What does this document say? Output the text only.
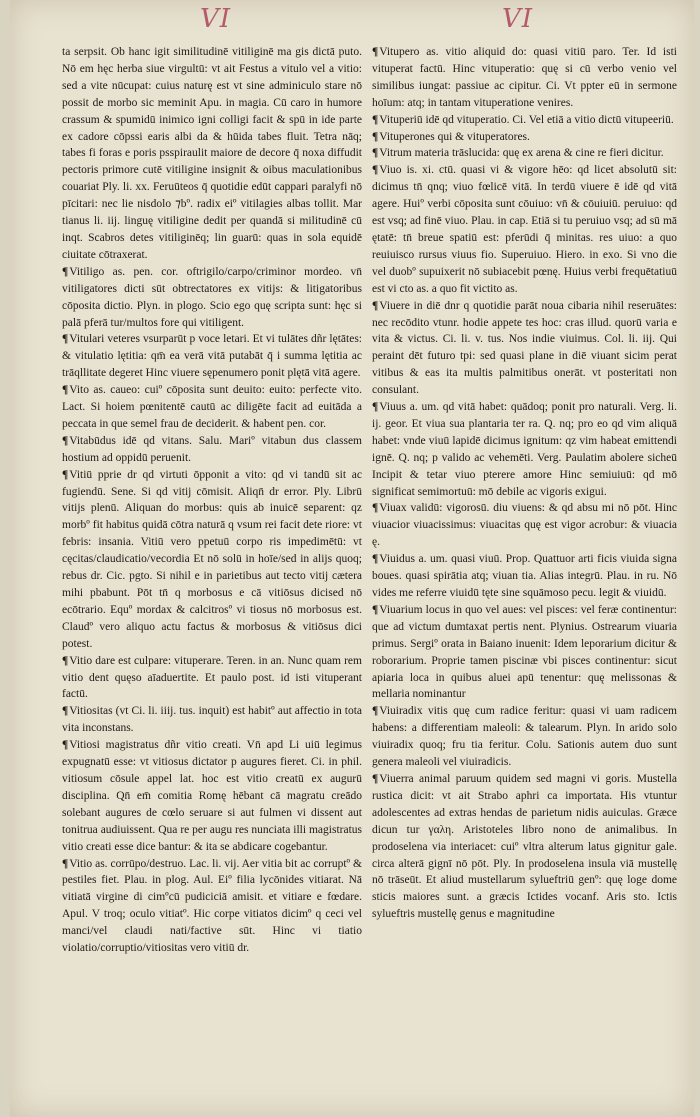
VI	VI

ta serpsit. Ob hanc igit similitudinē vitiliginē ma gis dictā puto. Nō em hęc herba siue virgultū: vt ait Festus a vitulo vel a vitio: sed a vite nūcupat: cuius naturę est vt sine adminiculo stare nō possit de morbo sic meminit Apu. in magia. Cū caro in humore crassum & spumidū inimico igni colligi facit & spū in ide parte ex cadore cōpssi earis albi da & hūida tabes fluit. Tetra nāq; tabes fi foras e poris psspiraulit maiore de decore q̄ noxa diffudit pectoris primore cutē vitiligine insignit & oibus maculationibus couariat Ply. li. xx. Feruūteos q̄ quotidie edūt cappari paralyfi nō pīcitari: nec lie nisdolo ⁊bº. radix eiº vitilagies albas tollit. Mar tianus li. iij. linguę vitiligine dedit per quandā si militudinē cū inqt. Scabros detes vitiliginēq; lin guarū: quas in sola equidē ciuitate cōtraxerat.

¶Vitiligo as. pen. cor. oftrigilo/carpo/criminor mordeo. vn̄ vitiligatores dicti sūt obtrectatores ex vitijs: & litigatoribus cōposita dictio. Plyn. in plogo. Scio ego quę scripta sunt: hęc si palā pferā tur/multos fore qui vitiligent.

¶Vitulari veteres vsurparūt p voce letari. Et vi tulātes dñr lętātes: & vitulatio lętitia: qm̄ ea verā vitā putabāt q̄ i summa lętitia ac trāqllitate degeret Hinc viuere sępenumero ponit plętā vitā agere.

¶Vito as. caueo: cuiº cōposita sunt deuito: euito: perfecte vito. Lact. Si hoiem pœnitentē cautū ac diligēte facit ad euitāda a peccata in que semel frau de deciderit. & habent pen. cor.

¶Vitabūdus idē qd vitans. Salu. Mariº vitabun dus classem hostium ad oppidū peruenit.

¶Vitiū pprie dr qd virtuti ōpponit a vito: qd vi tandū sit ac fugiendū. Sene. Si qd vitij cōmisit. Aliqn̄ dr error. Ply. Librū vitijs plenū. Aliquan do morbus: quis ab inuicē separent: qz morbº fit habitus quidā cōtra naturā q vsum rei facit dete riore: vt febris: insania. Vitiū vero ppetuū corpo ris impedimētū: vt cęcitas/claudicatio/vecordia Et nō solū in hoīe/sed in alijs quoq; rebus dr. Cic. pgto. Si nihil e in parietibus aut tecto vitij cætera mihi pbabunt. Pōt tn̄ q morbosus e cā vitiōsus dicised nō ecōtrario. Equº mordax & calcitrosº vi tiosus nō morbosus est. Claudº vero aliquo actu factus & morbosus & vitiōsus dici potest.

¶Vitio dare est culpare: vituperare. Teren. in an. Nunc quam rem vitio dent quęso aīaduertite. Et paulo post. id isti vituperant factū.

¶Vitiositas (vt Ci. li. iiij. tus. inquit) est habitº aut affectio in tota vita inconstans.

¶Vitiosi magistratus dñr vitio creati. Vn̄ apd Li uiū legimus expugnatū esse: vt vitiosus dictator p augures fieret. Ci. in phil. vitiosum cōsule appel lat. hoc est vitio creatū ex augurū disciplina. Qn̄ em̄ comitia Romę hēbant cā magratu creādo solebant augures de cœlo seruare si aut fulmen vi dissent aut tonitrua audiuissent. Qua re per augu res nunciata illi magistratus vitio creati esse dice bantur: & ita se abdicare cogebantur.

¶Vitio as. corrūpo/destruo. Lac. li. vij. Aer vitia bit ac corruptº & pestiles fiet. Plau. in plog. Aul. Eiº filia lycōnides vitiarat. Nā vitiatā virgine di cimºcū pudiciciā amisit. et vitiare e fœdare. Apul. V troq; oculo vitiatº. Hic corpe vitiatos dicimº q ceci vel manci/vel claudi nati/factive sūt. Hinc vi tiatio violatio/corruptio/vitiositas vero vitiū dr.

¶Vitupero as. vitio aliquid do: quasi vitiū paro. Ter. Id isti vituperat factū. Hinc vituperatio: quę si cū verbo venio vel similibus iungat: passiue ac cipitur. Ci. Vt ppter eū in sermone hoīum: atq; in tantam vituperatione venires.

¶Vituperiū idē qd vituperatio. Ci. Vel etiā a vitio dictū vitupeeriū.

¶Vituperones qui & vituperatores.

¶Vitrum materia trāslucida: quę ex arena & cine re fieri dicitur.

¶Viuo is. xi. ctū. quasi vi & vigore hēo: qd licet absolutū sit: dicimus tn̄ qnq; viuo fœlicē vitā. In terdū viuere ē idē qd vitā agere. Huiº verbi cōposita sunt cōuiuo: vn̄ & cōuiuiū. peruiuo: qd est vsq; ad finē viuo. Plau. in cap. Etiā si tu peruiuo vsq; ad sū mā ętatē: tn̄ breue spatiū est: pferūdi q̄ minitas. res uiuo: a quo reuiuisco rursus viuus fio. Superuiuo. Hiero. in exo. Si vno die vel duobº supuixerit nō subiacebit pœnę. Huius verbi frequētatiuū est vi cto as. a quo fit victito as.

¶Viuere in diē dnr q quotidie parāt noua cibaria nihil reseruātes: nec recōdito vtunr. hodie appete tes hoc: cras illud. quorū varia e vita & victus. Ci. li. v. tus. Nos indie viuimus. Col. li. iij. Qui peraint dēt futuro tpi: sed quasi plane in diē viuant sicim perat vitibus & eas ita multis palmitibus onerāt. vt posteritati non consulant.

¶Viuus a. um. qd vitā habet: quādoq; ponit pro naturali. Verg. li. ij. geor. Et viua sua plantaria ter ra. Q. nq; pro eo qd vim aliquā habet: vnde viuū lapidē dicimus ignitum: qz vim habeat emittendi ignē. Q. nq; p valido ac vehemēti. Verg. Paulatim abolere sicheū Incipit & tetar viuo pterere amore Hinc semiuiuū: qd mō significat semimortuū: mō debile ac vigoris exigui.

¶Viuax validū: vigorosū. diu viuens: & qd absu mi nō pōt. Hinc viuacior viuacissimus: viuacitas quę est vigor acrobur: & viuacia ę.

¶Viuidus a. um. quasi viuū. Prop. Quattuor arti ficis viuida signa boues. quasi spirātia atq; viuan tia. Alias integrū. Plau. in ru. Nō vides me referre viuidū tęte sine squāmoso pecu. legit & viuidū.

¶Viuarium locus in quo vel aues: vel pisces: vel feræ continentur: que ad victum dumtaxat pertis nent. Plynius. Ostrearum viuaria primus. Sergiº orata in Baiano inuenit: Idem leporarium dicitur & roborarium. Proprie tamen piscinæ vbi pisces continentur: sicut apiaria loca in quibus aluei apū tenentur: quę melissonas & mellaria nominantur

¶Viuiradix vitis quę cum radice feritur: quasi vi uam radicem habens: a differentiam maleoli: & talearum. Plyn. In arido solo viuiradix quoq; fru tia feritur. Colu. Sationis autem duo sunt genera maleoli vel viuiradicis.

¶Viuerra animal paruum quidem sed magni vi goris. Mustella rustica dicit: vt ait Strabo aphri ca importata. His vtuntur adolescentes ad extras hendas de parietum nidis auiculas. Græce dicun tur γαλη. Aristoteles libro nono de animalibus. In prodoselena via interiacet: cuiº vltra alterum latus gignitur gale. circa alterā gignī nō pōt. Ply. In prodoselena insula viā mustellę nō trāseūt. Et aliud mustellarum sylueftriū genº: quę loge dome sticis maiores sunt. a græcis Ictides vocanf. Aris sto. Ictis sylueftris mustellę genus e magnitudine
